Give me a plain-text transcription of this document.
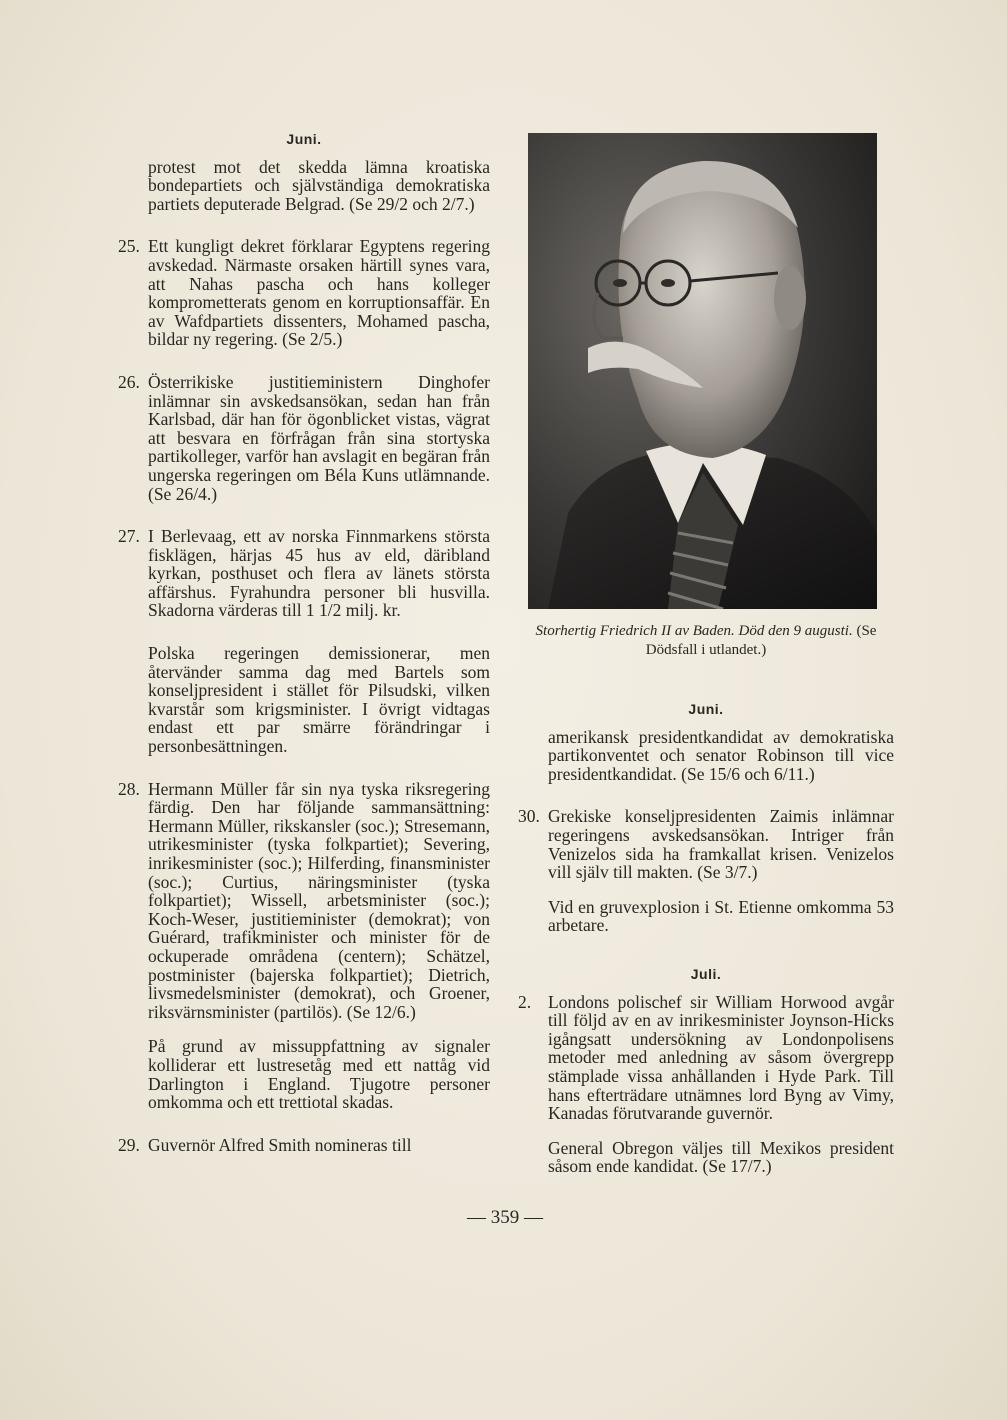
Juni.
protest mot det skedda lämna kroatiska bondepartiets och självständiga demokratiska partiets deputerade Belgrad. (Se 29/2 och 2/7.)
25. Ett kungligt dekret förklarar Egyptens regering avskedad. Närmaste orsaken härtill synes vara, att Nahas pascha och hans kolleger komprometterats genom en korruptionsaffär. En av Wafdpartiets dissenters, Mohamed pascha, bildar ny regering. (Se 2/5.)
26. Österrikiske justitieministern Dinghofer inlämnar sin avskedsansökan, sedan han från Karlsbad, där han för ögonblicket vistas, vägrat att besvara en förfrågan från sina stortyska partikolleger, varför han avslagit en begäran från ungerska regeringen om Béla Kuns utlämnande. (Se 26/4.)
27. I Berlevaag, ett av norska Finnmarkens största fisklägen, härjas 45 hus av eld, däribland kyrkan, posthuset och flera av länets största affärshus. Fyrahundra personer bli husvilla. Skadorna värderas till 1 1/2 milj. kr.
Polska regeringen demissionerar, men återvänder samma dag med Bartels som konseljpresident i stället för Pilsudski, vilken kvarstår som krigsminister. I övrigt vidtagas endast ett par smärre förändringar i personbesättningen.
28. Hermann Müller får sin nya tyska riksregering färdig. Den har följande sammansättning: Hermann Müller, rikskansler (soc.); Stresemann, utrikesminister (tyska folkpartiet); Severing, inrikesminister (soc.); Hilferding, finansminister (soc.); Curtius, näringsminister (tyska folkpartiet); Wissell, arbetsminister (soc.); Koch-Weser, justitieminister (demokrat); von Guérard, trafikminister och minister för de ockuperade områdena (centern); Schätzel, postminister (bajerska folkpartiet); Dietrich, livsmedelsminister (demokrat), och Groener, riksvärnsminister (partilös). (Se 12/6.)
På grund av missuppfattning av signaler kolliderar ett lustresetåg med ett nattåg vid Darlington i England. Tjugotre personer omkomma och ett trettiotal skadas.
29. Guvernör Alfred Smith nomineras till
Storhertig Friedrich II av Baden. Död den 9 augusti. (Se Dödsfall i utlandet.)
Juni.
amerikansk presidentkandidat av demokratiska partikonventet och senator Robinson till vice presidentkandidat. (Se 15/6 och 6/11.)
30. Grekiske konseljpresidenten Zaimis inlämnar regeringens avskedsansökan. Intriger från Venizelos sida ha framkallat krisen. Venizelos vill själv till makten. (Se 3/7.)
Vid en gruvexplosion i St. Etienne omkomma 53 arbetare.
Juli.
2. Londons polischef sir William Horwood avgår till följd av en av inrikesminister Joynson-Hicks igångsatt undersökning av Londonpolisens metoder med anledning av såsom övergrepp stämplade vissa anhållanden i Hyde Park. Till hans efterträdare utnämnes lord Byng av Vimy, Kanadas förutvarande guvernör.
General Obregon väljes till Mexikos president såsom ende kandidat. (Se 17/7.)
— 359 —
